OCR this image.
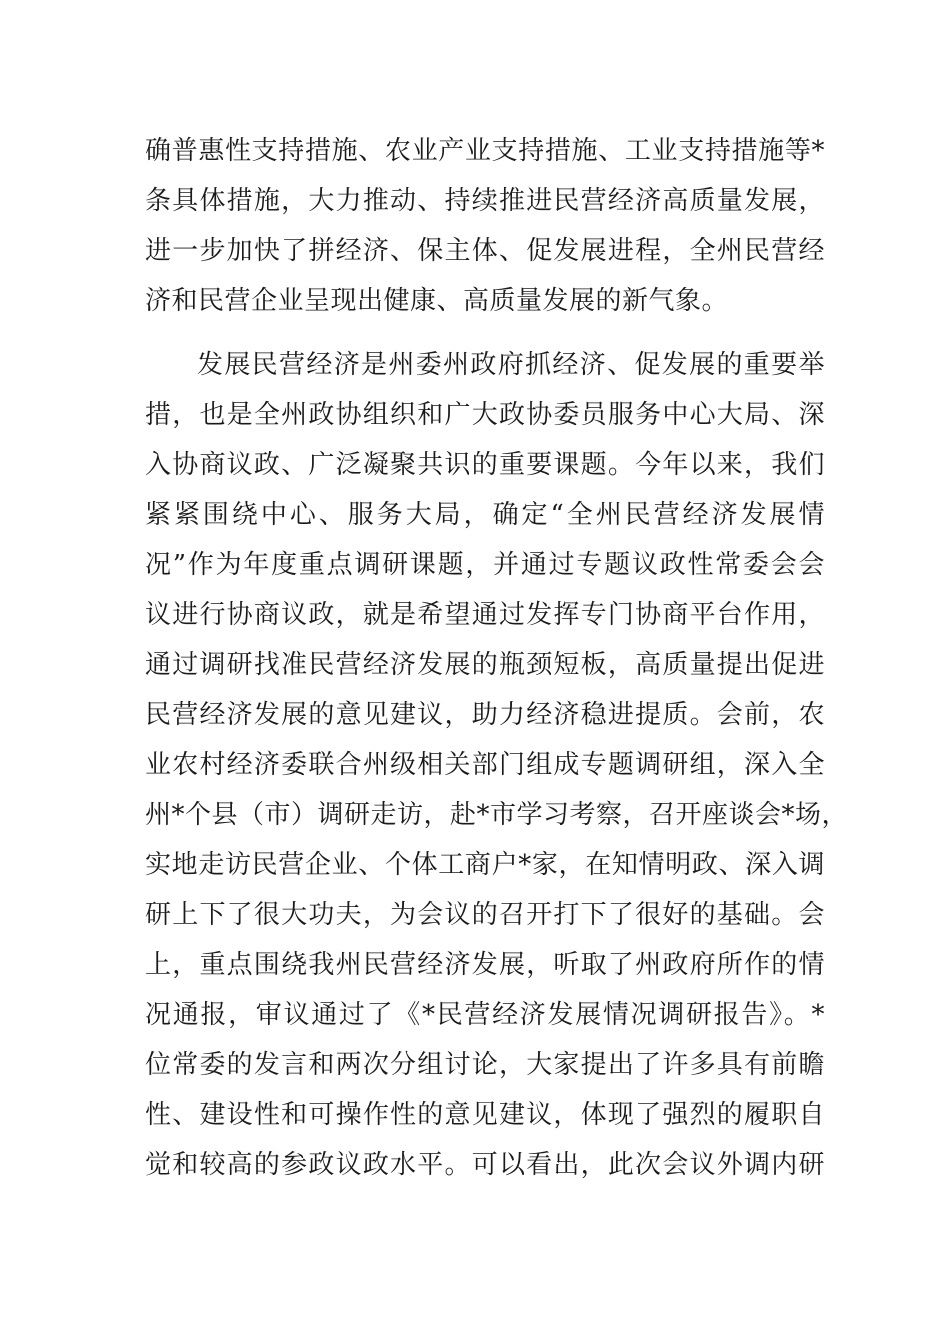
确普惠性支持措施、农业产业支持措施、工业支持措施等*
条具体措施，大力推动、持续推进民营经济高质量发展，
进一步加快了拼经济、保主体、促发展进程，全州民营经
济和民营企业呈现出健康、高质量发展的新气象。
发展民营经济是州委州政府抓经济、促发展的重要举
措，也是全州政协组织和广大政协委员服务中心大局、深
入协商议政、广泛凝聚共识的重要课题。今年以来，我们
紧紧围绕中心、服务大局，确定“全州民营经济发展情
况”作为年度重点调研课题，并通过专题议政性常委会会
议进行协商议政，就是希望通过发挥专门协商平台作用，
通过调研找准民营经济发展的瓶颈短板，高质量提出促进
民营经济发展的意见建议，助力经济稳进提质。会前，农
业农村经济委联合州级相关部门组成专题调研组，深入全
州*个县（市）调研走访，赴*市学习考察，召开座谈会*场，
实地走访民营企业、个体工商户*家，在知情明政、深入调
研上下了很大功夫，为会议的召开打下了很好的基础。会
上，重点围绕我州民营经济发展，听取了州政府所作的情
况通报，审议通过了《*民营经济发展情况调研报告》。*
位常委的发言和两次分组讨论，大家提出了许多具有前瞻
性、建设性和可操作性的意见建议，体现了强烈的履职自
觉和较高的参政议政水平。可以看出，此次会议外调内研
